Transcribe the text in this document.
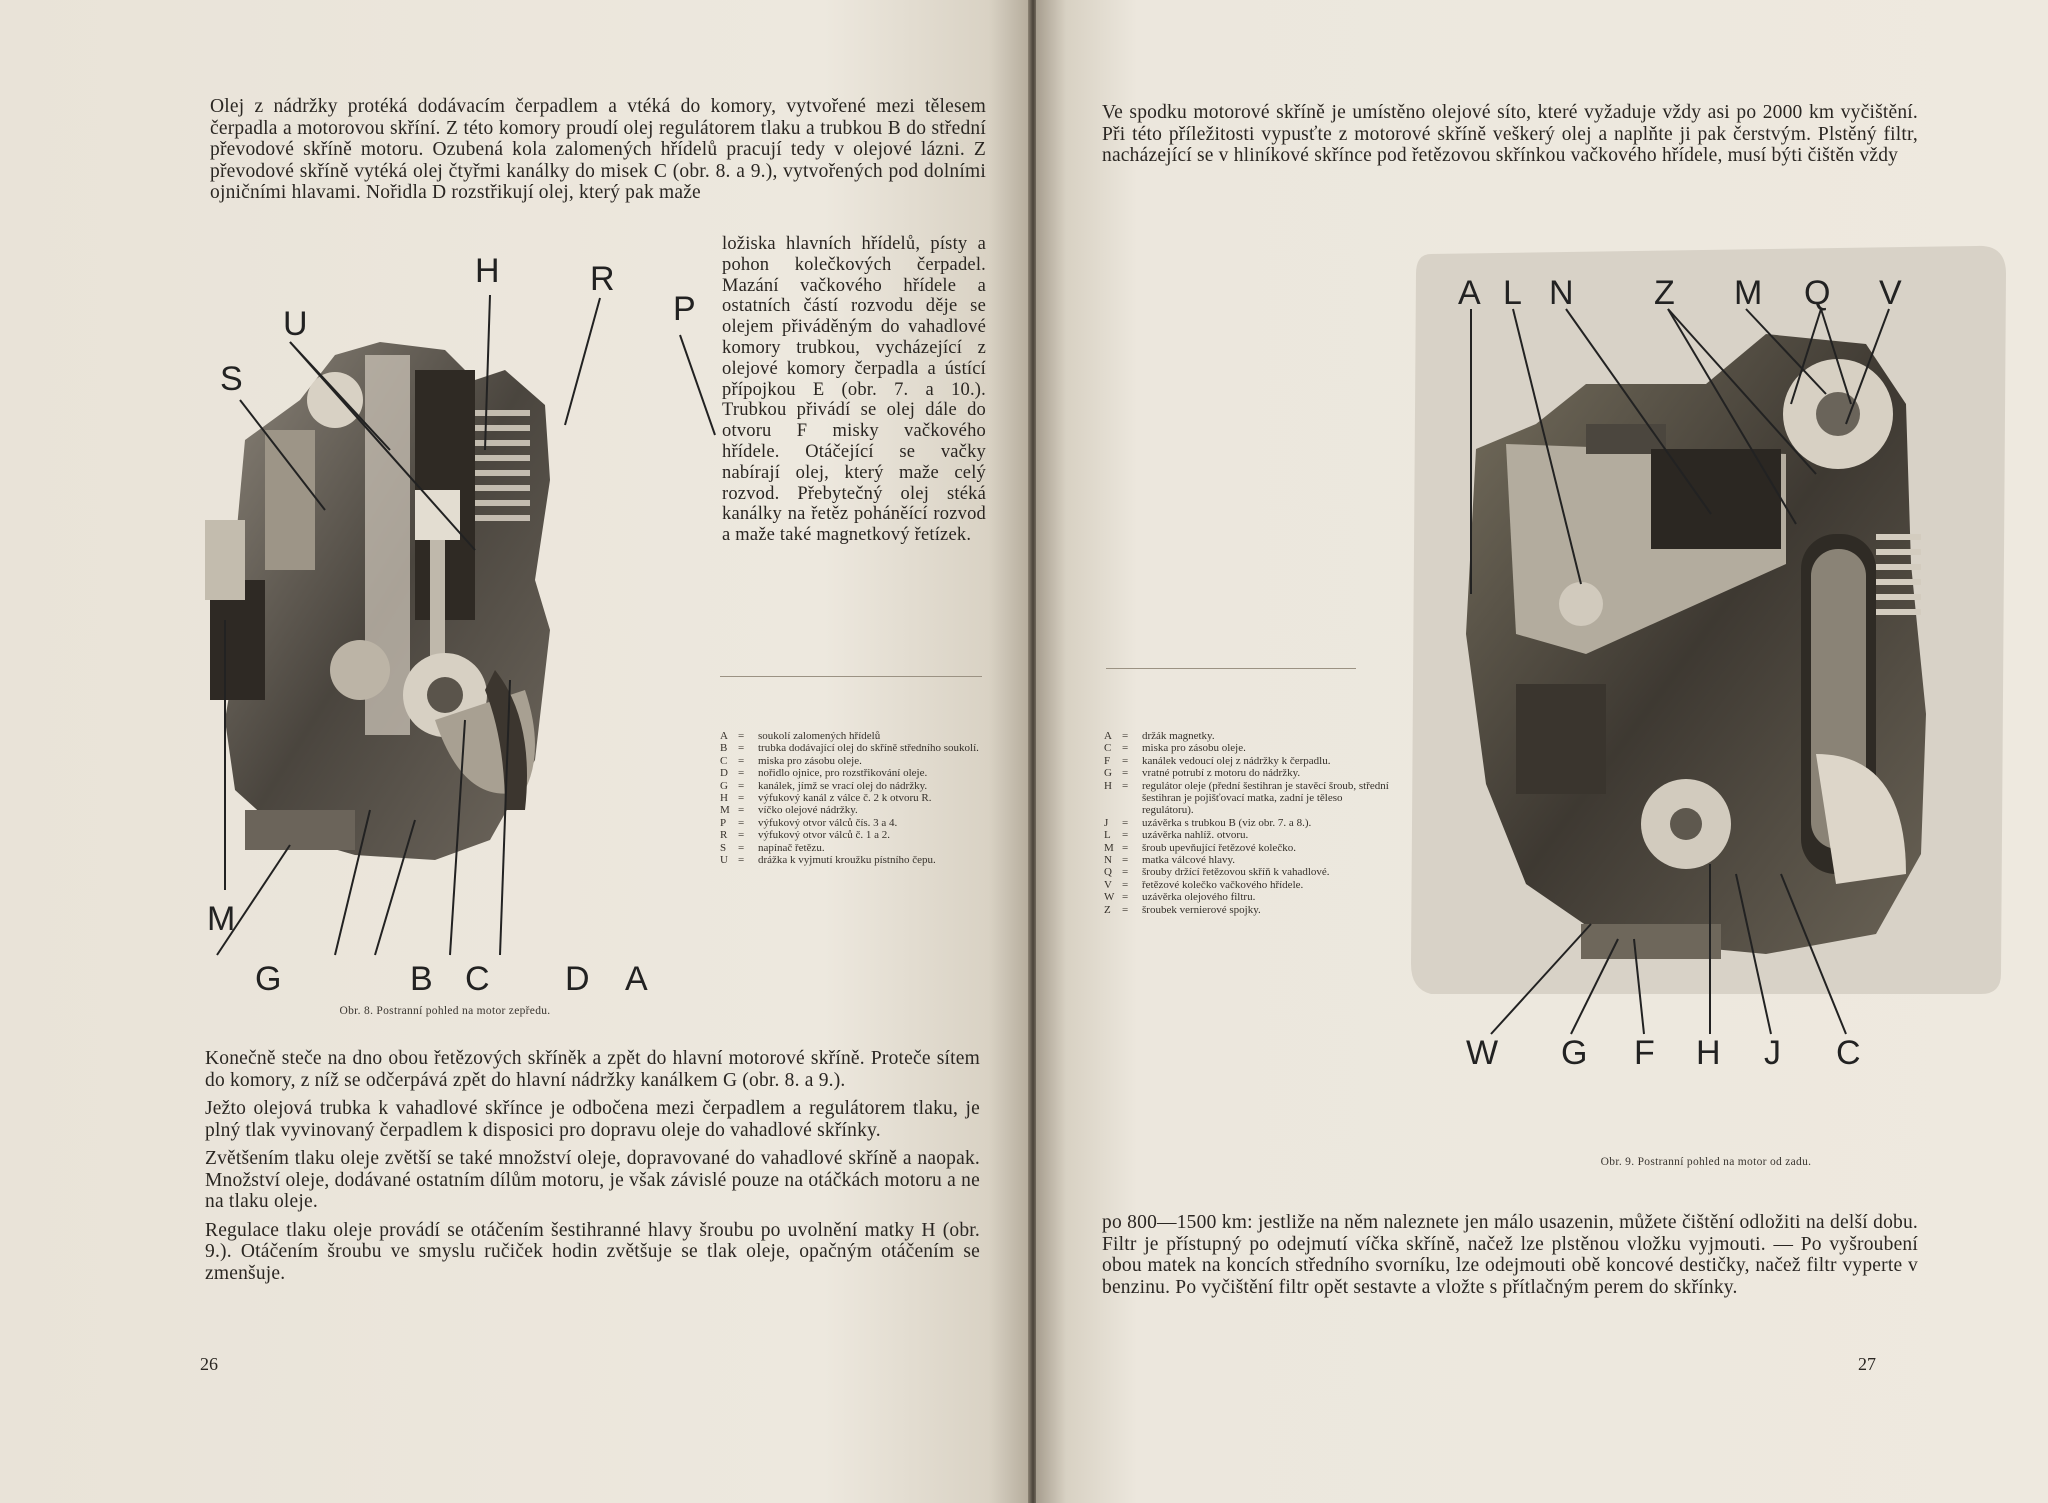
Olej z nádržky protéká dodávacím čerpadlem a vtéká do komory, vytvořené mezi tělesem čerpadla a motorovou skříní. Z této komory proudí olej regulátorem tlaku a trubkou B do střední převodové skříně motoru. Ozubená kola zalomených hřídelů pracují tedy v olejové lázni. Z převodové skříně vytéká olej čtyřmi kanálky do misek C (obr. 8. a 9.), vytvořených pod dolními ojničními hlavami. Nořidla D rozstřikují olej, který pak maže
ložiska hlavních hřídelů, písty a pohon kolečkových čerpadel. Mazání vačkového hřídele a ostatních částí rozvodu děje se olejem přiváděným do vahadlové komory trubkou, vycházející z olejové komory čerpadla a ústící přípojkou E (obr. 7. a 10.). Trubkou přivádí se olej dále do otvoru F misky vačkového hřídele. Otáčející se vačky nabírají olej, který maže celý rozvod. Přebytečný olej stéká kanálky na řetěz poháněící rozvod a maže také magnetkový řetízek.
H	R
U	P
S
M
G	B C D A
Obr. 8. Postranní pohled na motor zepředu.
A =	soukolí zalomených hřídelů
B =	trubka dodávající olej do skříně středního soukolí.
C =	miska pro zásobu oleje.
D =	nořidlo ojnice, pro rozstřikování oleje.
G =	kanálek, jímž se vrací olej do nádržky.
H =	výfukový kanál z válce č. 2 k otvoru R.
M =	víčko olejové nádržky.
P	=	výfukový otvor válců čís. 3 a 4.
R =	výfukový otvor válců č. 1 a 2.
S	=	napínač řetězu.
U =	drážka k vyjmutí kroužku pístního čepu.

Konečně steče na dno obou řetězových skříněk a zpět do hlavní motorové skříně. Proteče sítem do komory, z níž se odčerpává zpět do hlavní nádržky kanálkem G (obr. 8. a 9.).

Ježto olejová trubka k vahadlové skřínce je odbočena mezi čerpadlem a regulátorem tlaku, je plný tlak vyvinovaný čerpadlem k disposici pro dopravu oleje do vahadlové skřínky.

Zvětšením tlaku oleje zvětší se také množství oleje, dopravované do vahadlové skříně a naopak. Množství oleje, dodávané ostatním dílům motoru, je však závislé pouze na otáčkách motoru a ne na tlaku oleje.

Regulace tlaku oleje provádí se otáčením šestihranné hlavy šroubu po uvolnění matky H (obr. 9.). Otáčením šroubu ve smyslu ručiček hodin zvětšuje se tlak oleje, opačným otáčením se zmenšuje.

26
Ve spodku motorové skříně je umístěno olejové síto, které vyžaduje vždy asi po 2000 km vyčištění. Při této příležitosti vypusťte z motorové skříně veškerý olej a naplňte ji pak čerstvým. Plstěný filtr, nacházející se v hliníkové skřínce pod řetězovou skřínkou vačkového hřídele, musí býti čištěn vždy
A L N Z M Q V
W G F H J C
A =	držák magnetky.
C =	miska pro zásobu oleje.
F	=	kanálek vedoucí olej z nádržky k čerpadlu.
G =	vratné potrubí z motoru do nádržky.
H =	regulátor oleje (přední šestihran je stavěcí šroub, střední šestihran je pojišťovací matka, zadní je těleso regulátoru).
J	=	uzávěrka s trubkou B (viz obr. 7. a 8.).
L	=	uzávěrka nahlíž. otvoru.
M =	šroub upevňující řetězové kolečko.
N =	matka válcové hlavy.
Q =	šrouby držící řetězovou skříň k vahadlové.
V =	řetězové kolečko vačkového hřídele.
W =	uzávěrka olejového filtru.
Z	=	šroubek vernierové spojky.
Obr. 9. Postranní pohled na motor od zadu.
po 800—1500 km: jestliže na něm naleznete jen málo usazenin, můžete čištění odložiti na delší dobu. Filtr je přístupný po odejmutí víčka skříně, načež lze plstěnou vložku vyjmouti. — Po vyšroubení obou matek na koncích středního svorníku, lze odejmouti obě koncové destičky, načež filtr vyperte v benzinu. Po vyčištění filtr opět sestavte a vložte s přítlačným perem do skřínky.
27
